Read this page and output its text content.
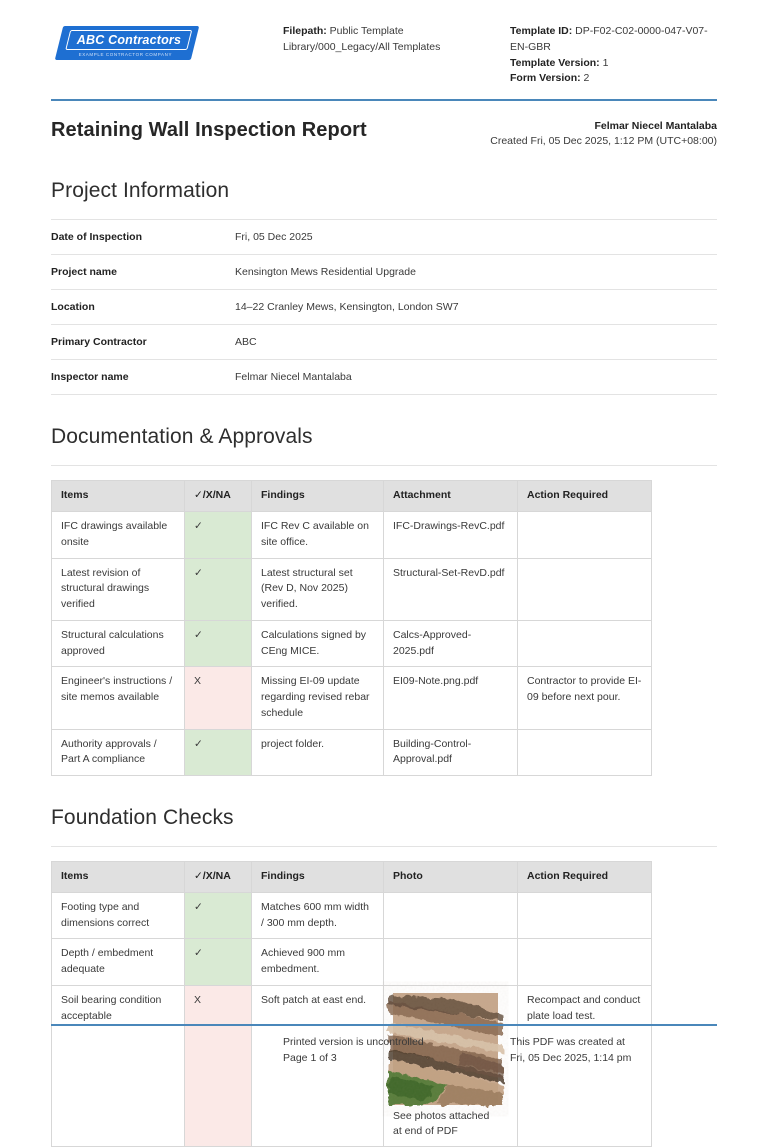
ABC Contractors
EXAMPLE CONTRACTOR COMPANY
Filepath: Public Template Library/000_Legacy/All Templates
Template ID: DP-F02-C02-0000-047-V07-EN-GBR
Template Version: 1
Form Version: 2
Retaining Wall Inspection Report	Felmar Niecel Mantalaba
Created Fri, 05 Dec 2025, 1:12 PM (UTC+08:00)
Project Information
Date of Inspection	Fri, 05 Dec 2025
Project name	Kensington Mews Residential Upgrade
Location	14–22 Cranley Mews, Kensington, London SW7
Primary Contractor	ABC
Inspector name	Felmar Niecel Mantalaba
Documentation & Approvals
Items	✓/X/NA	Findings	Attachment	Action Required
IFC drawings available onsite	✓	IFC Rev C available on site office.	IFC-Drawings-RevC.pdf	
Latest revision of structural drawings verified	✓	Latest structural set (Rev D, Nov 2025) verified.	Structural-Set-RevD.pdf	
Structural calculations approved	✓	Calculations signed by CEng MICE.	Calcs-Approved-2025.pdf	
Engineer's instructions / site memos available	X	Missing EI-09 update regarding revised rebar schedule	EI09-Note.png.pdf	Contractor to provide EI-09 before next pour.
Authority approvals / Part A compliance	✓	project folder.	Building-Control-Approval.pdf	
Foundation Checks
Items	✓/X/NA	Findings	Photo	Action Required
Footing type and dimensions correct	✓	Matches 600 mm width / 300 mm depth.		
Depth / embedment adequate	✓	Achieved 900 mm embedment.		
Soil bearing condition acceptable	X	Soft patch at east end.	See photos attached at end of PDF	Recompact and conduct plate load test.
Printed version is uncontrolled
Page 1 of 3
This PDF was created at
Fri, 05 Dec 2025, 1:14 pm
